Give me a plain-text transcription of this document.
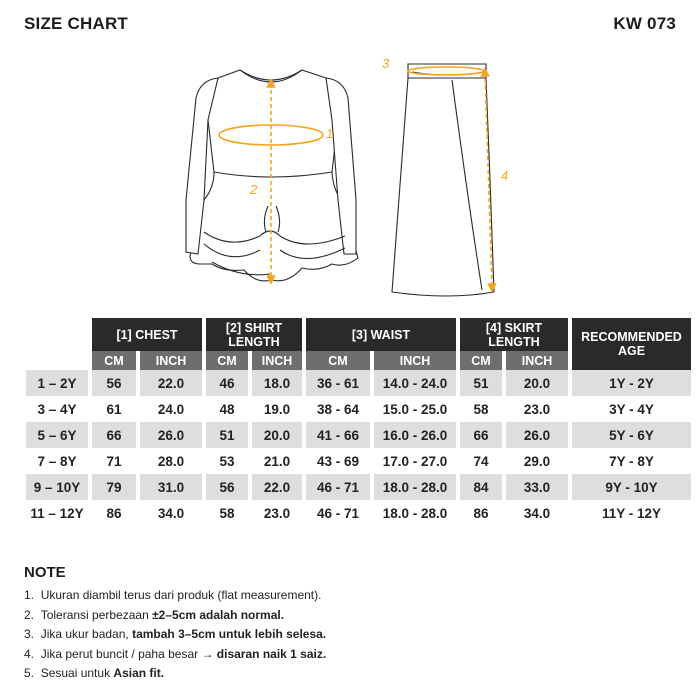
SIZE CHART	KW 073
1
2
3
4
	[1] CHEST		[2] SHIRT
LENGTH		[3] WAIST		[4] SKIRT
LENGTH		RECOMMENDED
AGE
	CM	INCH	CM	INCH	CM	INCH	CM	INCH	
1 – 2Y	56	22.0	46	18.0	36 - 61	14.0 - 24.0	51	20.0	1Y - 2Y
3 – 4Y	61	24.0	48	19.0	38 - 64	15.0 - 25.0	58	23.0	3Y - 4Y
5 – 6Y	66	26.0	51	20.0	41 - 66	16.0 - 26.0	66	26.0	5Y - 6Y
7 – 8Y	71	28.0	53	21.0	43 - 69	17.0 - 27.0	74	29.0	7Y - 8Y
9 – 10Y	79	31.0	56	22.0	46 - 71	18.0 - 28.0	84	33.0	9Y - 10Y
11 – 12Y	86	34.0	58	23.0	46 - 71	18.0 - 28.0	86	34.0	11Y - 12Y
NOTE
1. Ukuran diambil terus dari produk (flat measurement).
2. Toleransi perbezaan ±2–5cm adalah normal.
3. Jika ukur badan, tambah 3–5cm untuk lebih selesa.
4. Jika perut buncit / paha besar → disaran naik 1 saiz.
5. Sesuai untuk Asian fit.
